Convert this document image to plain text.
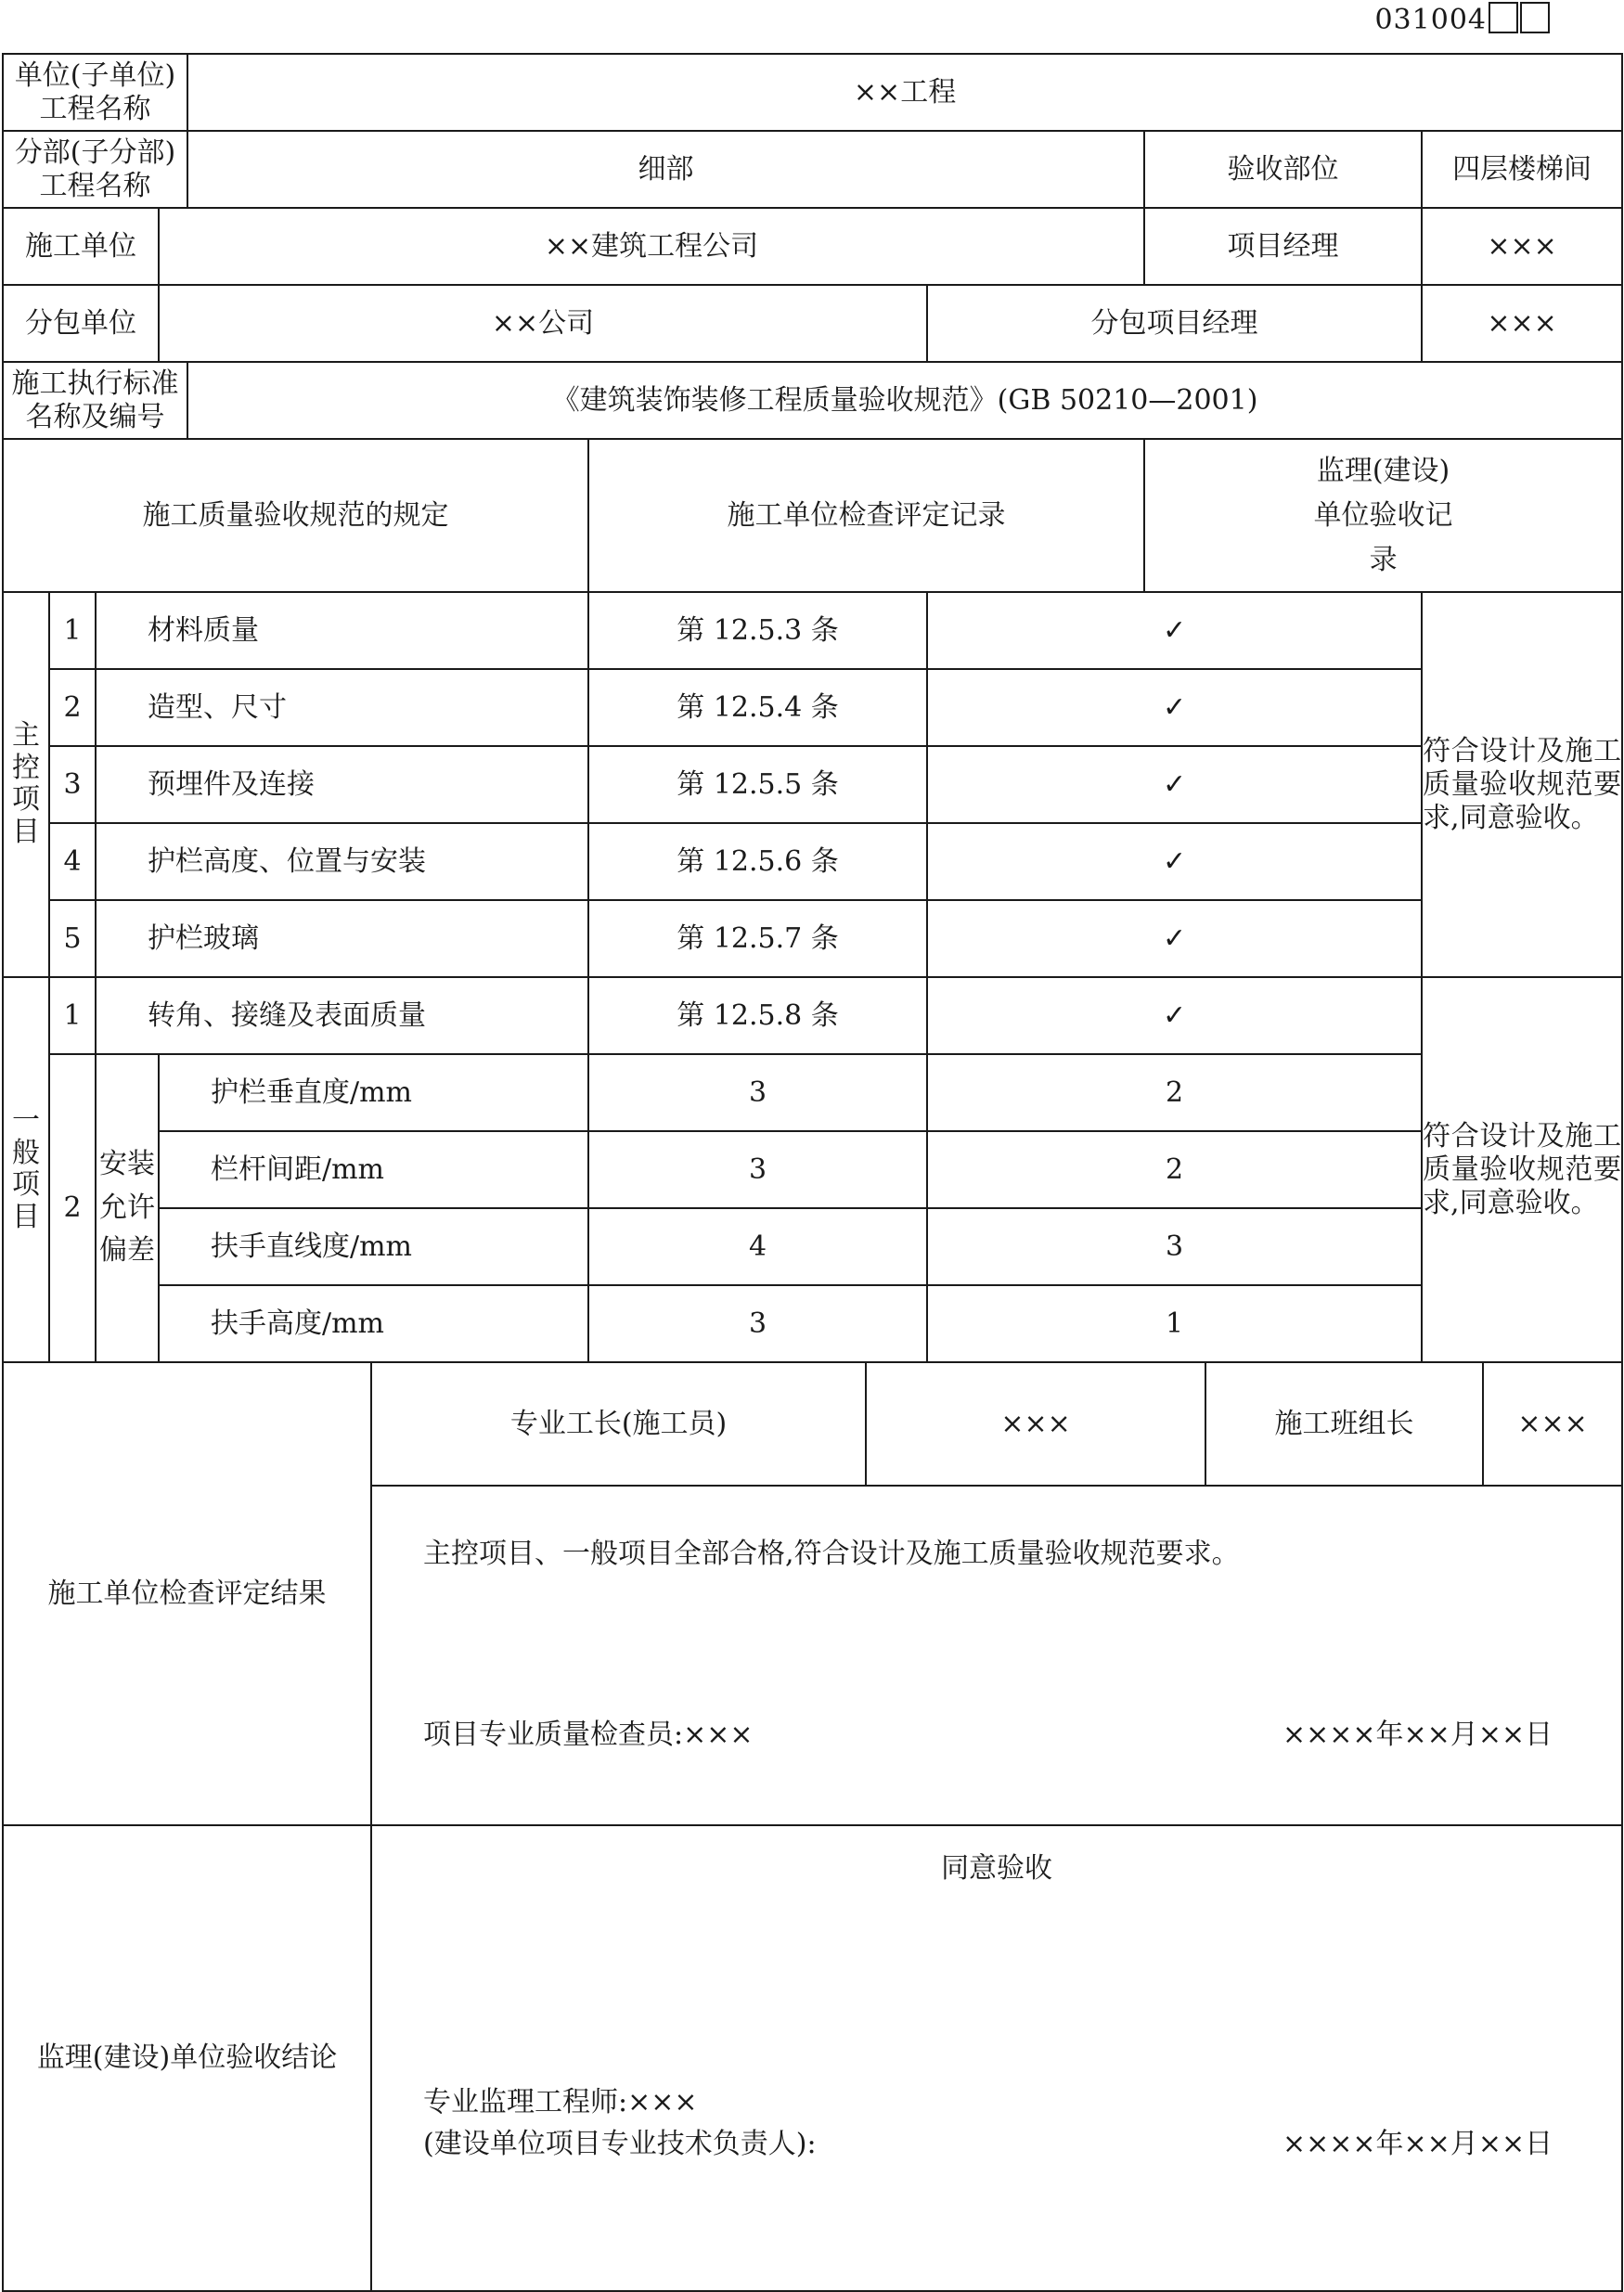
031004
单位(子单位)工程名称				××工程								
分部(子分部)工程名称				细部					验收部位		四层楼梯间	
施工单位			××建筑工程公司						项目经理		×××	
分包单位			××公司					分包项目经理			×××	
施工执行标准名称及编号				《建筑装饰装修工程质量验收规范》(GB 50210—2001)								
施工质量验收规范的规定						施工单位检查评定记录			监理(建设)单位验收记录			

主控项目	1	材料质量				第 12.5.3 条		✓			符合设计及施工质量验收规范要求,同意验收。	

	2	造型、尺寸				第 12.5.4 条		✓				
	3	预埋件及连接				第 12.5.5 条		✓				
	4	护栏高度、位置与安装				第 12.5.6 条		✓				
	5	护栏玻璃				第 12.5.7 条		✓				
一般项目	1	转角、接缝及表面质量				第 12.5.8 条		✓			符合设计及施工质量验收规范要求,同意验收。	

	2	安装允许偏差	护栏垂直度/mm			3		2				
			栏杆间距/mm			3		2				
			扶手直线度/mm			4		3				
			扶手高度/mm			3		1				
施工单位检查评定结果					专业工长(施工员)		×××			施工班组长		×××

					主控项目、一般项目全部合格,符合设计及施工质量验收规范要求。
项目专业质量检查员:××× ××××年××月××日							

监理(建设)单位验收结论					同意验收
专业监理工程师:×××
(建设单位项目专业技术负责人): ××××年××月××日							
